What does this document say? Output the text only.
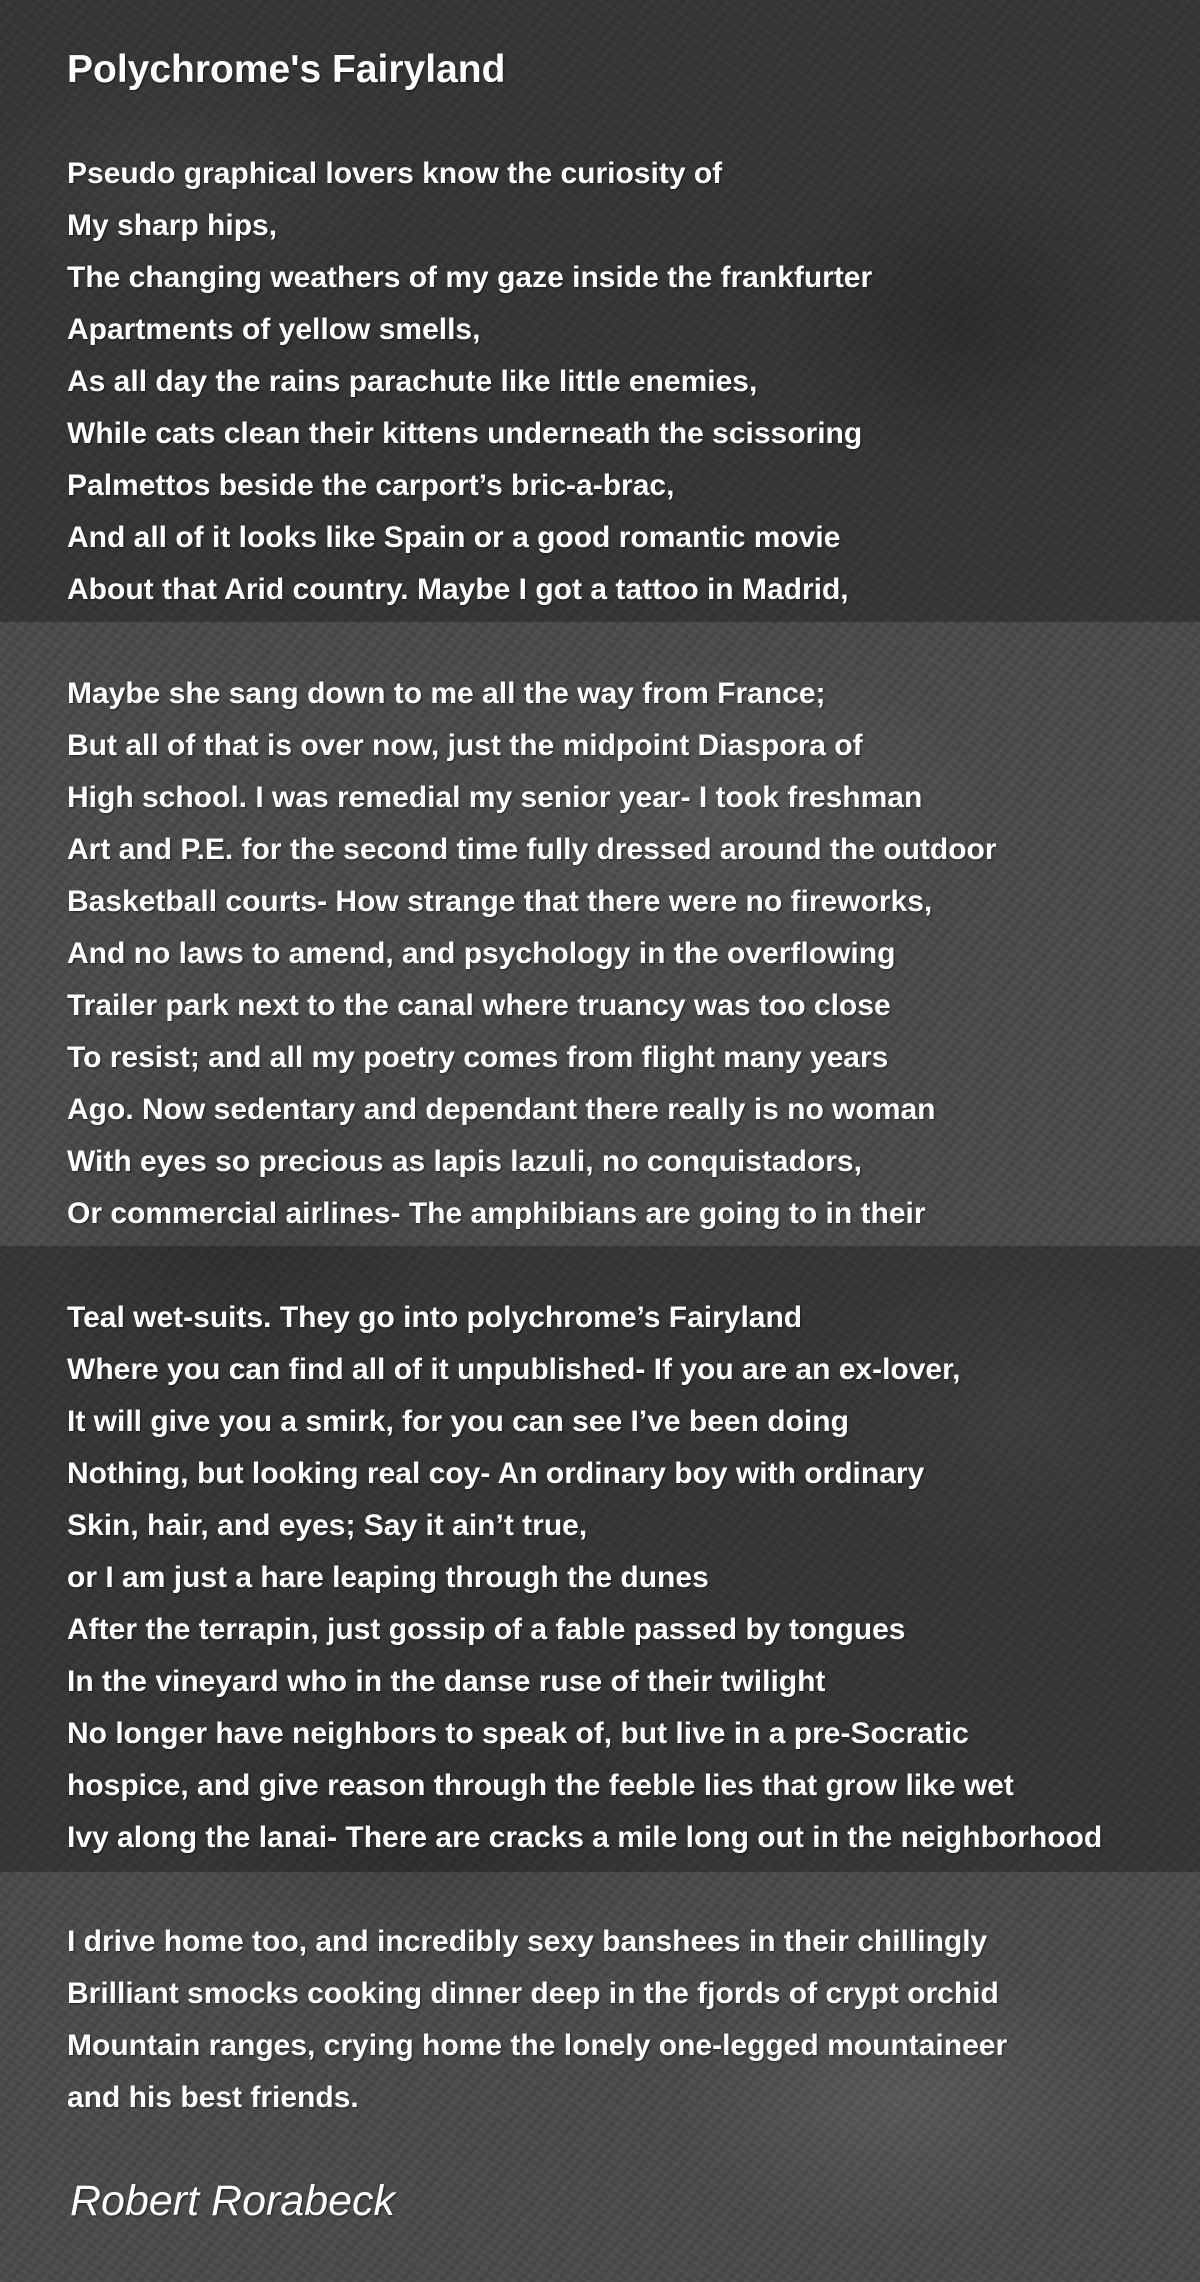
Polychrome's Fairyland
Pseudo graphical lovers know the curiosity of
My sharp hips,
The changing weathers of my gaze inside the frankfurter
Apartments of yellow smells,
As all day the rains parachute like little enemies,
While cats clean their kittens underneath the scissoring
Palmettos beside the carport’s bric-a-brac,
And all of it looks like Spain or a good romantic movie
About that Arid country. Maybe I got a tattoo in Madrid,
Maybe she sang down to me all the way from France;
But all of that is over now, just the midpoint Diaspora of
High school. I was remedial my senior year- I took freshman
Art and P.E. for the second time fully dressed around the outdoor
Basketball courts- How strange that there were no fireworks,
And no laws to amend, and psychology in the overflowing
Trailer park next to the canal where truancy was too close
To resist; and all my poetry comes from flight many years
Ago. Now sedentary and dependant there really is no woman
With eyes so precious as lapis lazuli, no conquistadors,
Or commercial airlines- The amphibians are going to in their
Teal wet-suits. They go into polychrome’s Fairyland
Where you can find all of it unpublished- If you are an ex-lover,
It will give you a smirk, for you can see I’ve been doing
Nothing, but looking real coy- An ordinary boy with ordinary
Skin, hair, and eyes; Say it ain’t true,
or I am just a hare leaping through the dunes
After the terrapin, just gossip of a fable passed by tongues
In the vineyard who in the danse ruse of their twilight
No longer have neighbors to speak of, but live in a pre-Socratic
hospice, and give reason through the feeble lies that grow like wet
Ivy along the lanai- There are cracks a mile long out in the neighborhood
I drive home too, and incredibly sexy banshees in their chillingly
Brilliant smocks cooking dinner deep in the fjords of crypt orchid
Mountain ranges, crying home the lonely one-legged mountaineer
and his best friends.
Robert Rorabeck
